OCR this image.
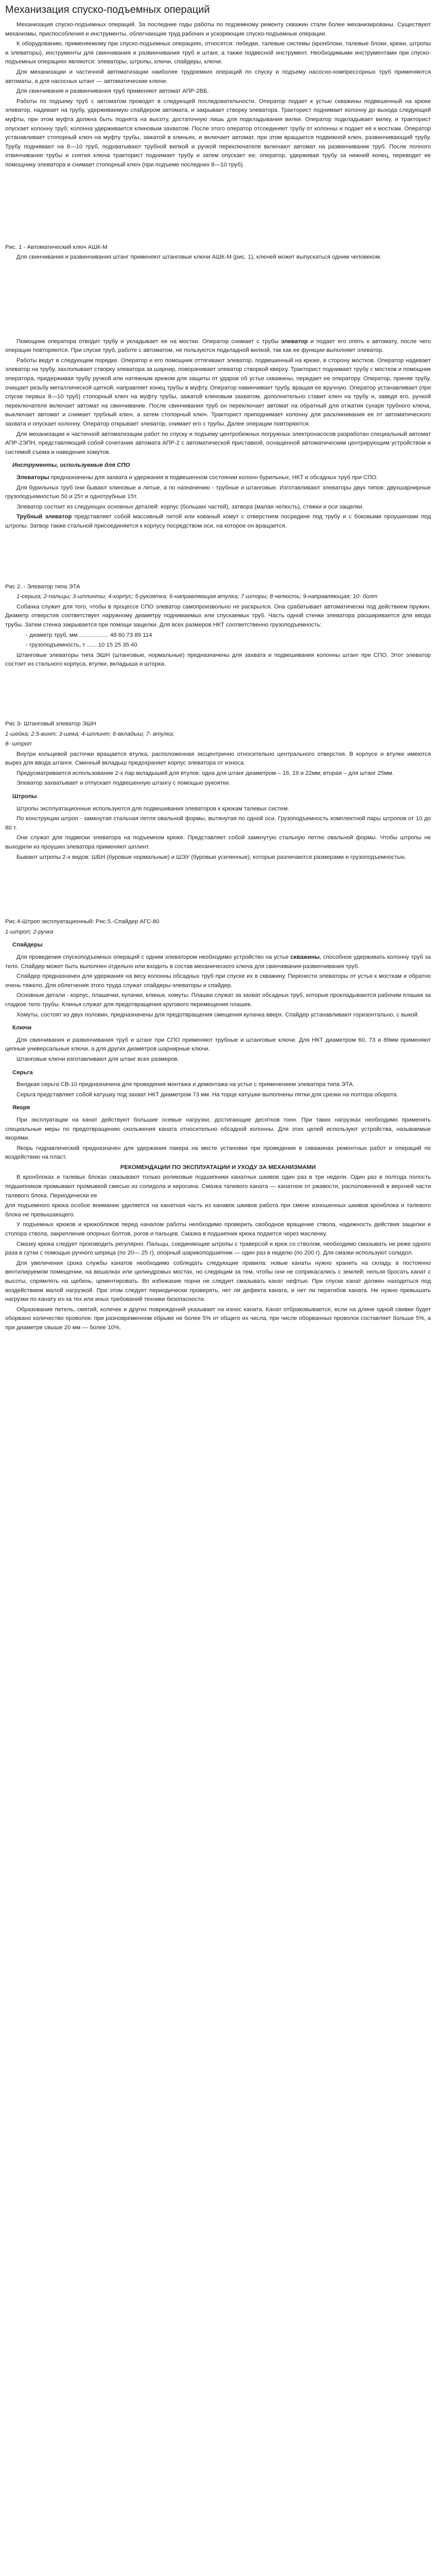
Механизация спуско-подъемных операций

Механизация спуско-подъемных операций. За последние годы работы по подземному ремонту скважин стали более механизированы. Существуют механизмы, приспособления и инструменты, облегчающие труд рабочих и ускоряющие спуско-подъемные операции.

К оборудованию, применяемому при спуско-подъемных операциях, относятся: лебедки, талевые системы (кронблоки, талевые блоки, крюки, штропы и элеваторы), инструменты для свинчивания и развинчивания труб и штанг, а также подвесной инструмент. Необходимыми инструментами при спуско-подъемных операциях являются: элеваторы, штропы, ключи, спайдеры, ключи.

Для механизации и частичной автоматизации наиболее трудоемких операций по спуску и подъему насосно-компрессорных труб применяются автоматы, а для насосных штанг — автоматические ключи.

Для свинчивания и развинчивания труб применяют автомат АПР-2ВБ.

Работы по подъему труб с автоматом проводят в следующей последовательности. Оператор подает к устью скважины подвешенный на крюке элеватор, надевает на трубу, удерживаемую спайдером автомата, и закрывает створку элеватора. Тракторист поднимает колонну до выхода следующей муфты, при этом муфта должна быть поднята на высоту, достаточную лишь для подкладывания вилки. Оператор подкладывает вилку, и тракторист опускает колонну труб; колонна удерживается клиновым захватом. После этого оператор отсоединяет трубу от колонны и подает её к мосткам. Оператор устанавливает стопорный ключ на муфту трубы, зажатой в клиньях, и включает автомат, при этом вращается подвижной ключ, развинчивающий трубу. Трубу поднимают на 8—10 труб, подхватывают трубной вилкой и ручкой переключателя включают автомат на развинчивание труб. После полного отвинчивания трубы и снятия ключа тракторист поднимает трубу и затем опускает ее; оператор, удерживая трубу за нижний конец, переводит ее помощнику элеватора и снимает стопорный ключ (при подъеме последних 8—10 труб).

Рис. 1 - Автоматический ключ АШК-М

Для свинчивания и развинчивания штанг применяют штанговые ключи АШК-М (рис. 1), ключей может выпускаться одним человеком.

Помощник оператора отводит трубу и укладывает ее на мостки. Оператор снимает с трубы элеватор и подает его опять к автомату, после чего операции повторяются. При спуске труб, работе с автоматом, не пользуются подкладной вилкой, так как ее функции выполняет элеватор.

Работы ведут в следующем порядке. Оператор и его помощник оттягивают элеватор, подвешенный на крюке, в сторону мостков. Оператор надевает элеватор на трубу, захлопывает створку элеватора за шарнир, поворачивает элеватор створкой кверху. Тракторист поднимает трубу с мостков и помощник оператора, придерживая трубу ручкой или натяжным крюком для защиты от ударов об устье скважины, передает ее оператору. Оператор, приняв трубу, очищает резьбу металлической щеткой, направляет конец трубы в муфту. Оператор навинчивает трубу, вращая ее вручную. Оператор устанавливает (при спуске первых 8—10 труб) стопорный ключ на муфту трубы, зажатой клиновым захватом, дополнительно ставит ключ на трубу и, заведя его, ручкой переключателя включает автомат на свинчивание. После свинчивания труб он переключает автомат на обратный для отжатия сухаря трубного ключа, выключает автомат и снимает трубный ключ, а затем стопорный ключ. Тракторист приподнимает колонну для расклинивания ее от автоматического захвата и опускает колонну. Оператор открывает элеватор, снимает его с трубы. Далее операции повторяются.

Для механизации и частичной автоматизации работ по спуску и подъему центробежных погружных электронасосов разработан специальный автомат АПР-2ЭПН, представляющий собой сочетание автомата АПР-2 с автоматической приставкой, оснащенной автоматическим центрирующим устройством и системой съема и наведения хомутов.

Инструменты, используемые для СПО

Элеваторы предназначены для захвата и удержания в подвешенном состоянии колонн бурильных, НКТ и обсадных труб при СПО.

Для бурильных труб они бывают клиновые и литые, а по назначению - трубные и штанговые. Изготавливают элеваторы двух типов: двухшарнирные грузоподъемностью 50 и 25т и однотрубные 15т.

Элеватор состоит из следующих основных деталей: корпус (больших частей), затвора (малая челюсть), стяжки и оси защелки.

Трубный элеватор представляет собой массивный литой или кованый хомут с отверстием посредине под трубу и с боковыми проушинами под штропы. Затвор также стальной присоединяется к корпусу посредством оси, на которое он вращается.

Рис 2. - Элеватор типа ЭТА

1-серьга; 2-пальцы; 3-шплинты; 4-корпус; 5-рукоятка; 6-направляющая втулка; 7-шторы; 8-челюсть; 9-направляющая; 10- болт

Собачка служит для того, чтобы в процессе СПО элеватор самопроизвольно не раскрылся. Она срабатывает автоматически под действием пружин. Диаметр отверстия соответствует наружному диаметру поднимаемых или спускаемых труб. Часть одной стенки элеватора расширивается для ввода трубы. Затем стенка закрывается при помощи защелки. Для всех размеров НКТ соответственно грузоподъемность:

- диаметр труб, мм .................. 48 60 73 89 114

- грузоподъемность, т .......10 15 25 35 40

Штанговые элеваторы типа ЭШН (штанговые, нормальные) предназначены для захвата и подвешивания колонны штанг при СПО. Этот элеватор состоит из стального корпуса, втулки, вкладыша и шторка.

Рис 3- Штанговый элеватор ЭШН

1-шейка; 2.5-винт; 3-шека; 4-шплинт; 6-вкладыш; 7- втулка;

8- штроп

Внутри кольцевой расточки вращается втулка, расположенная эксцентрично относительно центрального отверстия. В корпусе и втулке имеются вырез для ввода штанги. Сменный вкладыш предохраняет корпус элеватора от износа.

Предусматривается использование 2-х пар вкладышей для втулок: одна для штанг диаметром – 16, 19 и 22мм; вторая – для штанг 25мм.

Элеватор захватывает и отпускает подвешенную штангу с помощью рукоятки.

Штропы

Штропы эксплуатационные используются для подвешивания элеваторов к крюкам талевых систем.

По конструкции штроп - замкнутая стальная петля овальной формы, вытянутая по одной оси. Грузоподъемность комплектной пары штропов от 10 до 80 т.

Они служат для подвески элеватора на подъемном крюке. Представляет собой замкнутую стальную петлю овальной формы. Чтобы штропы не выходили из проушин элеватора применяют шплинт.

Бывают штропы 2-х видов: ШБН (буровые нормальные) и ШЭУ (буровые усиленные), которые различаются размерами и грузоподъемностью.

Рис.4-Штроп эксплуатационный: Рис.5.-Спайдер АГС-80

1-штроп; 2-ручка

Спайдеры

Для проведения спускоподъемных операций с одним элеватором необходимо устройство на устье скважины, способное удерживать колонну труб за тело. Спайдер может быть выполнен отдельно или входить в состав механического ключа для свинчивания-развинчивания труб.

Спайдер предназначен для удержания на весу колонны обсадных труб при спуске их в скважину. Перенести элеваторы от устья к мосткам и обратно очень тяжело. Для облегчения этого труда служат спайдеры-элеваторы и спайдер.

Основные детали - корпус, плашечки, кулачки, клинья, хомуты. Плашки служат за захват обсадных труб, которые прокладываются рабочим плашек за гладкое тело трубы. Клинья служат для предотвращения кругового перемещения плашек.

Хомуты, состоят из двух половин, предназначены для предотвращения смещения кулачка вверх. Спайдер устанавливают горизонтально, с выкой.

Ключи

Для свинчивания и развинчивания труб и штанг при СПО применяют трубные и штанговые ключи. Для НКТ диаметром 60, 73 и 89мм применяют цепные универсальные ключи, а для других диаметров шарнирные ключи.

Штанговые ключи изготавливают для штанг всех размеров.

Серьга

Вилдкая серьга СВ-10 предназначена для проведения монтажа и демонтажа на устье с применением элеватора типа ЭТА.

Серьга представляет собой катушку под захват НКТ диаметром 73 мм. На торце катушки выполнены пятки для срезки на полтора оборота.

Якоря

При эксплуатации на канат действуют большие осевые нагрузки, достигающие десятков тонн. При таких нагрузках необходимо применять специальные меры по предотвращению скольжения каната относительно обсадной колонны. Для этих целей используют устройства, называемые якорями.

Якорь гидравлический предназначен для удержания пакера на месте установки при проведении в скважинах ремонтных работ и операций по воздействию на пласт.

РЕКОМЕНДАЦИИ ПО ЭКСПЛУАТАЦИИ И УХОДУ ЗА МЕХАНИЗМАМИ

В кронблоках и талевых блоках смазывают только роликовые подшипники канатных шкивов один раз в три недели. Один раз в полгода полость подшипников промывают промывкой смесью из солидола и керосина. Смазка талевого каната — канатное от ржавости, расположенной в верхней части талевого блока. Периодически ее

для подъемного крюка особое внимание уделяется на канатная часть из канавок шкивов работа при смене изношенных шкивов кронблока и талевого блока не превышающего.

У подъемных крюков и крюкоблоков перед началом работы необходимо проверить свободное вращение ствола, надежность действия защелки и стопора ствола, закрепление опорных болтов, рогов и пальцев. Смазка в подшипник крюка подается через масленку.

Смазку крюка следует производить регулярно. Пальцы, соединяющие штропы с траверсой и крюк со стволом, необходимо смазывать не реже одного раза в сутки с помощью ручного шприца (по 20— 25 г), опорный шарикоподшипник — один раз в неделю (по 200 г). Для смазки используют солидол.

Для увеличения срока службы канатов необходимо соблюдать следующие правила: новые канаты нужно хранить на складу, в постоянно вентилируемом помещении, на вешалках или цилиндровых мостах, но следящим за тем, чтобы они не соприкасались с землей; нельзя бросать канат с высоты, спрямлять на щебень, цементировать. Во избежание порчи не следует смазывать канат нефтью. При спуске канат должен находиться под воздействием малой нагрузкой. При этом следует периодически проверять, нет ли дефекта каната, и нет ли перегибов каната. Не нужно превышать нагрузки по канату из-за тех или иных требований техники безопасности.

Образование петель, смятий, колечек и других повреждений указывает на износ каната. Канат отбраковывается, если на длине одной свивки будет оборвано количество проволок: при разновременном обрыве не более 5% от общего их числа, при числе оборванных проволок составляет больше 5%, а при диаметре свыше 20 мм — более 10%.
